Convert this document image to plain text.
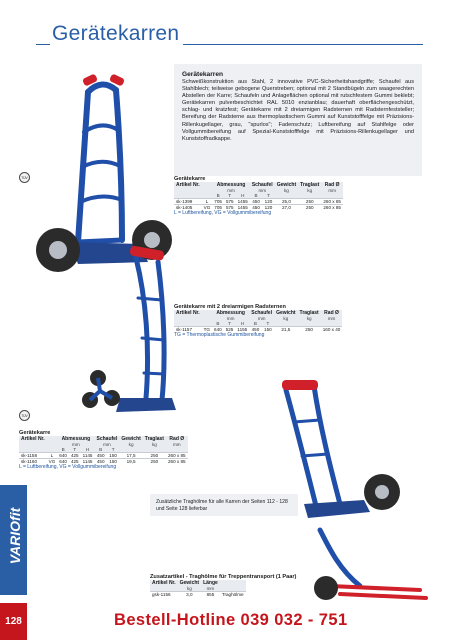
Gerätekarren
Gerätekarren
Schweißkonstruktion aus Stahl, 2 innovative PVC-Sicherheitshandgriffe; Schaufel aus Stahlblech; teilweise gebogene Querstreben; optional mit 2 Standbügeln zum waagerechten Abstellen der Karre; Schaufeln und Anlageflächen optional mit rutschfestem Gummi beklebt; Gerätekarren pulverbeschichtet RAL 5010 enzianblau; dauerhaft oberflächengeschützt, schlag- und kratzfest; Gerätekarre mit 2 dreiarmigen Radsternen mit Radsternfeststeller; Bereifung der Radsterne aus thermoplastischem Gummi auf Kunststofffelge mit Präzisions-Rillenkugellager, grau, "spurlos"; Fadenschutz; Luftbereifung auf Stahlfelge oder Vollgummibereifung auf Spezial-Kunststofffelge mit Präzisions-Rillenkugellager und Kunststoffradkappe.
TÜV	Gerätekarre
Artikel Nr.		Abmessung			Schaufel		Gewicht	Traglast	Rad Ø
		mm			mm		kg	kg	mm
		B	T	H	B	T			
sk-1399	L	705	575	1455	450	120	25,0	250	260 x 85
sk-1405	VG	705	575	1455	450	120	27,0	250	260 x 85
L = Luftbereifung, VG = Vollgummibereifung
Gerätekarre mit 2 dreiarmigen Radsternen
Artikel Nr.		Abmessung			Schaufel		Gewicht	Traglast	Rad Ø
		mm			mm		kg	kg	mm
		B	T	H	B	T			
sk-1157	TG	640	525	1155	450	150	21,5	250	160 x 40
TG = Thermoplastische Gummibereifung
TÜV
Gerätekarre
Artikel Nr.		Abmessung			Schaufel		Gewicht	Traglast	Rad Ø
		mm			mm		kg	kg	mm
		B	T	H	B	T			
sk-1158	L	640	425	1145	450	150	17,5	250	260 x 85
sk-1160	VG	640	425	1145	450	150	19,5	250	260 x 85
L = Luftbereifung, VG = Vollgummibereifung
VARIOfit
Zusätzliche Traghölme für alle Karren der Seiten 112 - 128 und Seite 128 lieferbar
Zusatzartikel - Traghölme für Treppentransport (1 Paar)
Artikel Nr.	Gewicht	Länge	
	kg	mm	
gsk-1156	3,0	855	Traghölme
128	Bestell-Hotline 039 032 - 751
